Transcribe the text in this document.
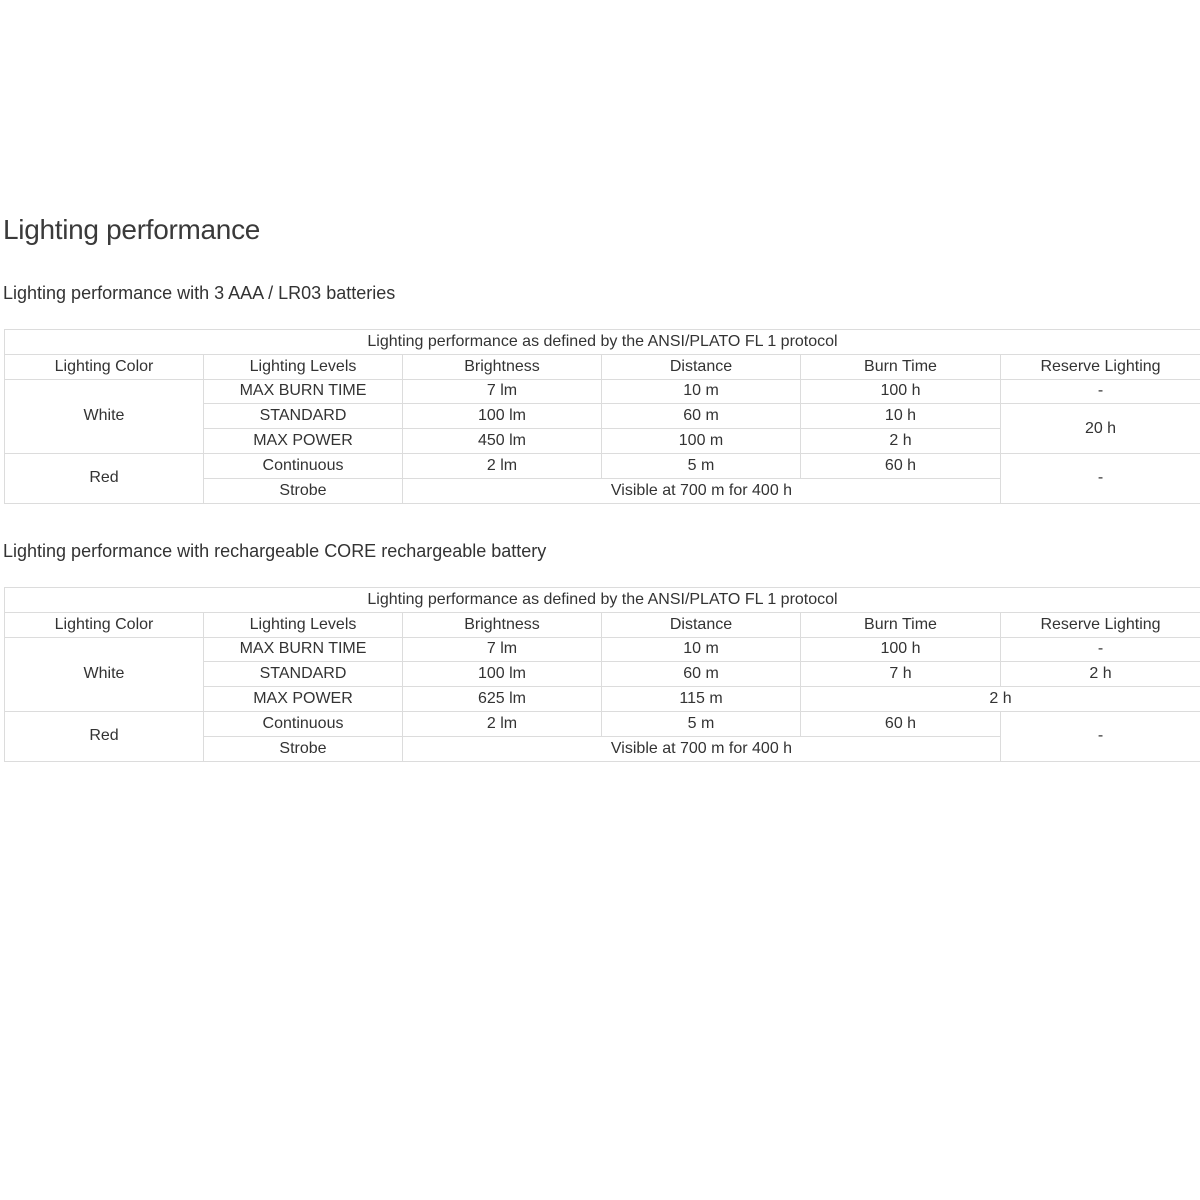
Lighting performance
Lighting performance with 3 AAA / LR03 batteries
Lighting performance as defined by the ANSI/PLATO FL 1 protocol					
Lighting Color	Lighting Levels	Brightness	Distance	Burn Time	Reserve Lighting
White	MAX BURN TIME	7 lm	10 m	100 h	-
	STANDARD	100 lm	60 m	10 h	20 h
	MAX POWER	450 lm	100 m	2 h	
Red	Continuous	2 lm	5 m	60 h	-
	Strobe	Visible at 700 m for 400 h			
Lighting performance with rechargeable CORE rechargeable battery
Lighting performance as defined by the ANSI/PLATO FL 1 protocol					
Lighting Color	Lighting Levels	Brightness	Distance	Burn Time	Reserve Lighting
White	MAX BURN TIME	7 lm	10 m	100 h	-
	STANDARD	100 lm	60 m	7 h	2 h
	MAX POWER	625 lm	115 m	2 h	
Red	Continuous	2 lm	5 m	60 h	-
	Strobe	Visible at 700 m for 400 h			
